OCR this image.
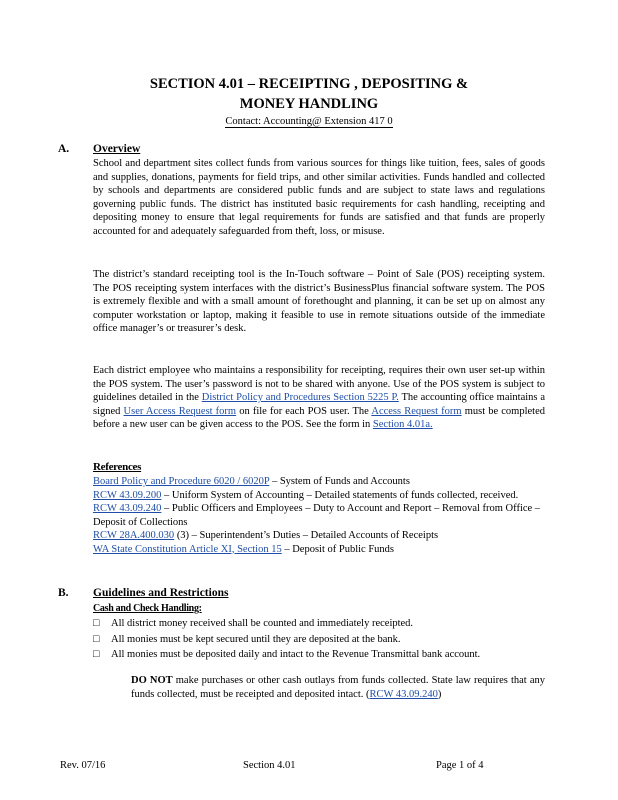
SECTION 4.01 – RECEIPTING , DEPOSITING &
MONEY HANDLING
Contact: Accounting@ Extension 417 0
A. Overview
School and department sites collect funds from various sources for things like tuition, fees, sales of goods and supplies, donations, payments for field trips, and other similar activities. Funds handled and collected by schools and departments are considered public funds and are subject to state laws and regulations governing public funds. The district has instituted basic requirements for cash handling, receipting and depositing money to ensure that legal requirements for funds are satisfied and that funds are properly accounted for and adequately safeguarded from theft, loss, or misuse.
The district’s standard receipting tool is the In-Touch software – Point of Sale (POS) receipting system. The POS receipting system interfaces with the district’s BusinessPlus financial software system. The POS is extremely flexible and with a small amount of forethought and planning, it can be set up on almost any computer workstation or laptop, making it feasible to use in remote situations outside of the immediate office manager’s or treasurer’s desk.
Each district employee who maintains a responsibility for receipting, requires their own user set-up within the POS system. The user’s password is not to be shared with anyone. Use of the POS system is subject to guidelines detailed in the District Policy and Procedures Section 5225 P. The accounting office maintains a signed User Access Request form on file for each POS user. The Access Request form must be completed before a new user can be given access to the POS. See the form in Section 4.01a.
References
Board Policy and Procedure 6020 / 6020P – System of Funds and Accounts
RCW 43.09.200 – Uniform System of Accounting – Detailed statements of funds collected, received.
RCW 43.09.240 – Public Officers and Employees – Duty to Account and Report – Removal from Office – Deposit of Collections
RCW 28A.400.030 (3) – Superintendent’s Duties – Detailed Accounts of Receipts
WA State Constitution Article XI, Section 15 – Deposit of Public Funds
B. Guidelines and Restrictions
Cash and Check Handling:
□	All district money received shall be counted and immediately receipted.
□	All monies must be kept secured until they are deposited at the bank.
□	All monies must be deposited daily and intact to the Revenue Transmittal bank account.
DO NOT make purchases or other cash outlays from funds collected. State law requires that any funds collected, must be receipted and deposited intact. (RCW 43.09.240)
Rev. 07/16	Section 4.01	Page 1 of 4
